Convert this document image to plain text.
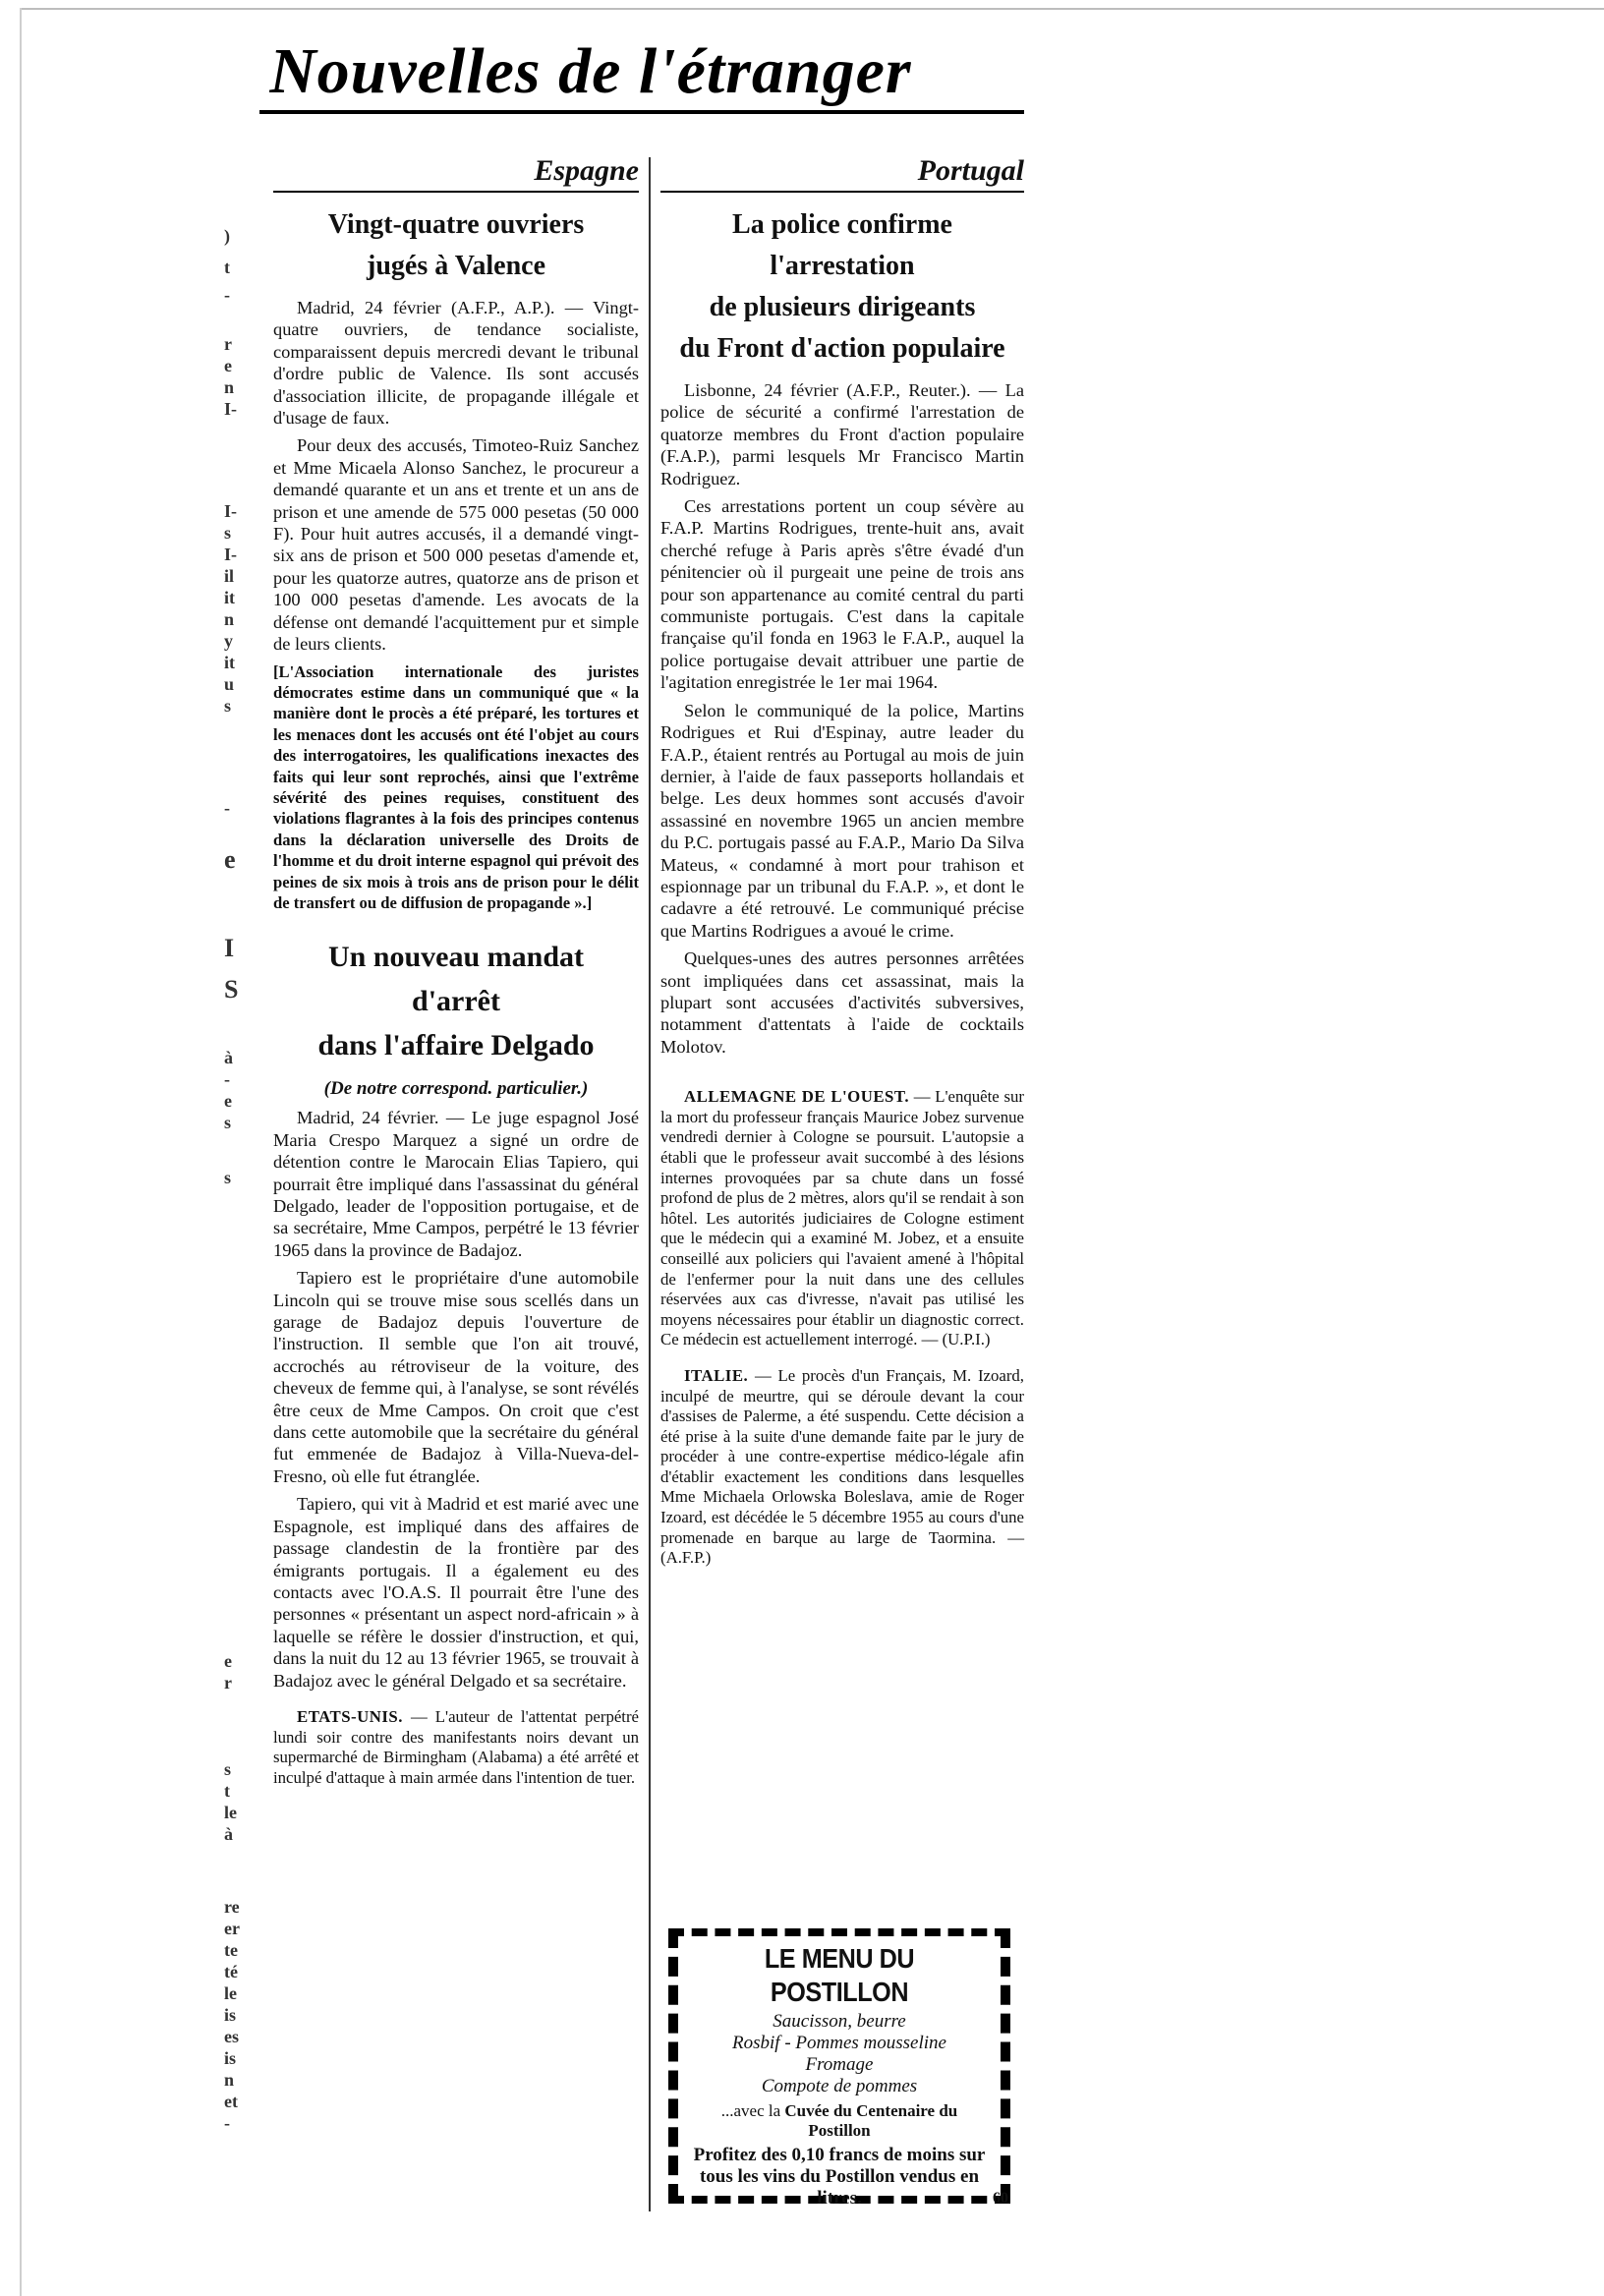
)
t
-
r
e
n
I-
I-
s
I-
il
it
n
y
it
u
s
-
e
I
S
à
-
e
s
s
e
r
s
t
le
à
re
er
te
té
le
is
es
is
n
et
-
Nouvelles de l'étranger
Espagne
Vingt-quatre ouvriers
jugés à Valence

Madrid, 24 février (A.F.P., A.P.). — Vingt-quatre ouvriers, de tendance socialiste, comparaissent depuis mercredi devant le tribunal d'ordre public de Valence. Ils sont accusés d'association illicite, de propagande illégale et d'usage de faux.

Pour deux des accusés, Timoteo-Ruiz Sanchez et Mme Micaela Alonso Sanchez, le procureur a demandé quarante et un ans et trente et un ans de prison et une amende de 575 000 pesetas (50 000 F). Pour huit autres accusés, il a demandé vingt-six ans de prison et 500 000 pesetas d'amende et, pour les quatorze autres, quatorze ans de prison et 100 000 pesetas d'amende. Les avocats de la défense ont demandé l'acquittement pur et simple de leurs clients.

[L'Association internationale des juristes démocrates estime dans un communiqué que « la manière dont le procès a été préparé, les tortures et les menaces dont les accusés ont été l'objet au cours des interrogatoires, les qualifications inexactes des faits qui leur sont reprochés, ainsi que l'extrême sévérité des peines requises, constituent des violations flagrantes à la fois des principes contenus dans la déclaration universelle des Droits de l'homme et du droit interne espagnol qui prévoit des peines de six mois à trois ans de prison pour le délit de transfert ou de diffusion de propagande ».]
Un nouveau mandat
d'arrêt
dans l'affaire Delgado
(De notre correspond. particulier.)

Madrid, 24 février. — Le juge espagnol José Maria Crespo Marquez a signé un ordre de détention contre le Marocain Elias Tapiero, qui pourrait être impliqué dans l'assassinat du général Delgado, leader de l'opposition portugaise, et de sa secrétaire, Mme Campos, perpétré le 13 février 1965 dans la province de Badajoz.

Tapiero est le propriétaire d'une automobile Lincoln qui se trouve mise sous scellés dans un garage de Badajoz depuis l'ouverture de l'instruction. Il semble que l'on ait trouvé, accrochés au rétroviseur de la voiture, des cheveux de femme qui, à l'analyse, se sont révélés être ceux de Mme Campos. On croit que c'est dans cette automobile que la secrétaire du général fut emmenée de Badajoz à Villa-Nueva-del-Fresno, où elle fut étranglée.

Tapiero, qui vit à Madrid et est marié avec une Espagnole, est impliqué dans des affaires de passage clandestin de la frontière par des émigrants portugais. Il a également eu des contacts avec l'O.A.S. Il pourrait être l'une des personnes « présentant un aspect nord-africain » à laquelle se réfère le dossier d'instruction, et qui, dans la nuit du 12 au 13 février 1965, se trouvait à Badajoz avec le général Delgado et sa secrétaire.

ETATS-UNIS. — L'auteur de l'attentat perpétré lundi soir contre des manifestants noirs devant un supermarché de Birmingham (Alabama) a été arrêté et inculpé d'attaque à main armée dans l'intention de tuer.

Portugal
La police confirme
l'arrestation
de plusieurs dirigeants
du Front d'action populaire

Lisbonne, 24 février (A.F.P., Reuter.). — La police de sécurité a confirmé l'arrestation de quatorze membres du Front d'action populaire (F.A.P.), parmi lesquels Mr Francisco Martin Rodriguez.

Ces arrestations portent un coup sévère au F.A.P. Martins Rodrigues, trente-huit ans, avait cherché refuge à Paris après s'être évadé d'un pénitencier où il purgeait une peine de trois ans pour son appartenance au comité central du parti communiste portugais. C'est dans la capitale française qu'il fonda en 1963 le F.A.P., auquel la police portugaise devait attribuer une partie de l'agitation enregistrée le 1er mai 1964.

Selon le communiqué de la police, Martins Rodrigues et Rui d'Espinay, autre leader du F.A.P., étaient rentrés au Portugal au mois de juin dernier, à l'aide de faux passeports hollandais et belge. Les deux hommes sont accusés d'avoir assassiné en novembre 1965 un ancien membre du P.C. portugais passé au F.A.P., Mario Da Silva Mateus, « condamné à mort pour trahison et espionnage par un tribunal du F.A.P. », et dont le cadavre a été retrouvé. Le communiqué précise que Martins Rodrigues a avoué le crime.

Quelques-unes des autres personnes arrêtées sont impliquées dans cet assassinat, mais la plupart sont accusées d'activités subversives, notamment d'attentats à l'aide de cocktails Molotov.

ALLEMAGNE DE L'OUEST. — L'enquête sur la mort du professeur français Maurice Jobez survenue vendredi dernier à Cologne se poursuit. L'autopsie a établi que le professeur avait succombé à des lésions internes provoquées par sa chute dans un fossé profond de plus de 2 mètres, alors qu'il se rendait à son hôtel. Les autorités judiciaires de Cologne estiment que le médecin qui a examiné M. Jobez, et a ensuite conseillé aux policiers qui l'avaient amené à l'hôpital de l'enfermer pour la nuit dans une des cellules réservées aux cas d'ivresse, n'avait pas utilisé les moyens nécessaires pour établir un diagnostic correct. Ce médecin est actuellement interrogé. — (U.P.I.)

ITALIE. — Le procès d'un Français, M. Izoard, inculpé de meurtre, qui se déroule devant la cour d'assises de Palerme, a été suspendu. Cette décision a été prise à la suite d'une demande faite par le jury de procéder à une contre-expertise médico-légale afin d'établir exactement les conditions dans lesquelles Mme Michaela Orlowska Boleslava, amie de Roger Izoard, est décédée le 5 décembre 1955 au cours d'une promenade en barque au large de Taormina. — (A.F.P.)

LE MENU DU POSTILLON
Saucisson, beurre
Rosbif - Pommes mousseline
Fromage
Compote de pommes
...avec la Cuvée du Centenaire du Postillon
Profitez des 0,10 francs de moins sur tous les vins du Postillon vendus en litres.	60
